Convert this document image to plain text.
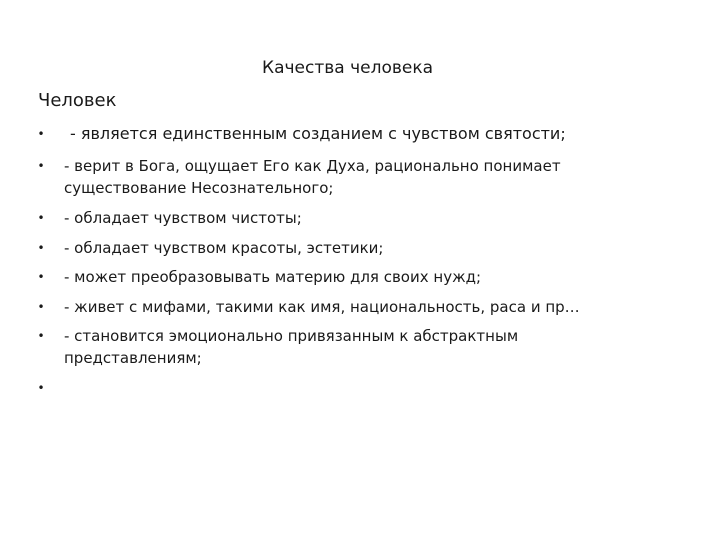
Качества человека
Человек
• - является единственным созданием с чувством святости;
• - верит в Бога, ощущает Его как Духа, рационально понимает существование Несознательного;
• - обладает чувством чистоты;
• - обладает чувством красоты, эстетики;
• - может преобразовывать материю для своих нужд;
• - живет с мифами, такими как имя, национальность, раса и пр…
• - становится эмоционально привязанным к абстрактным представлениям;
•
